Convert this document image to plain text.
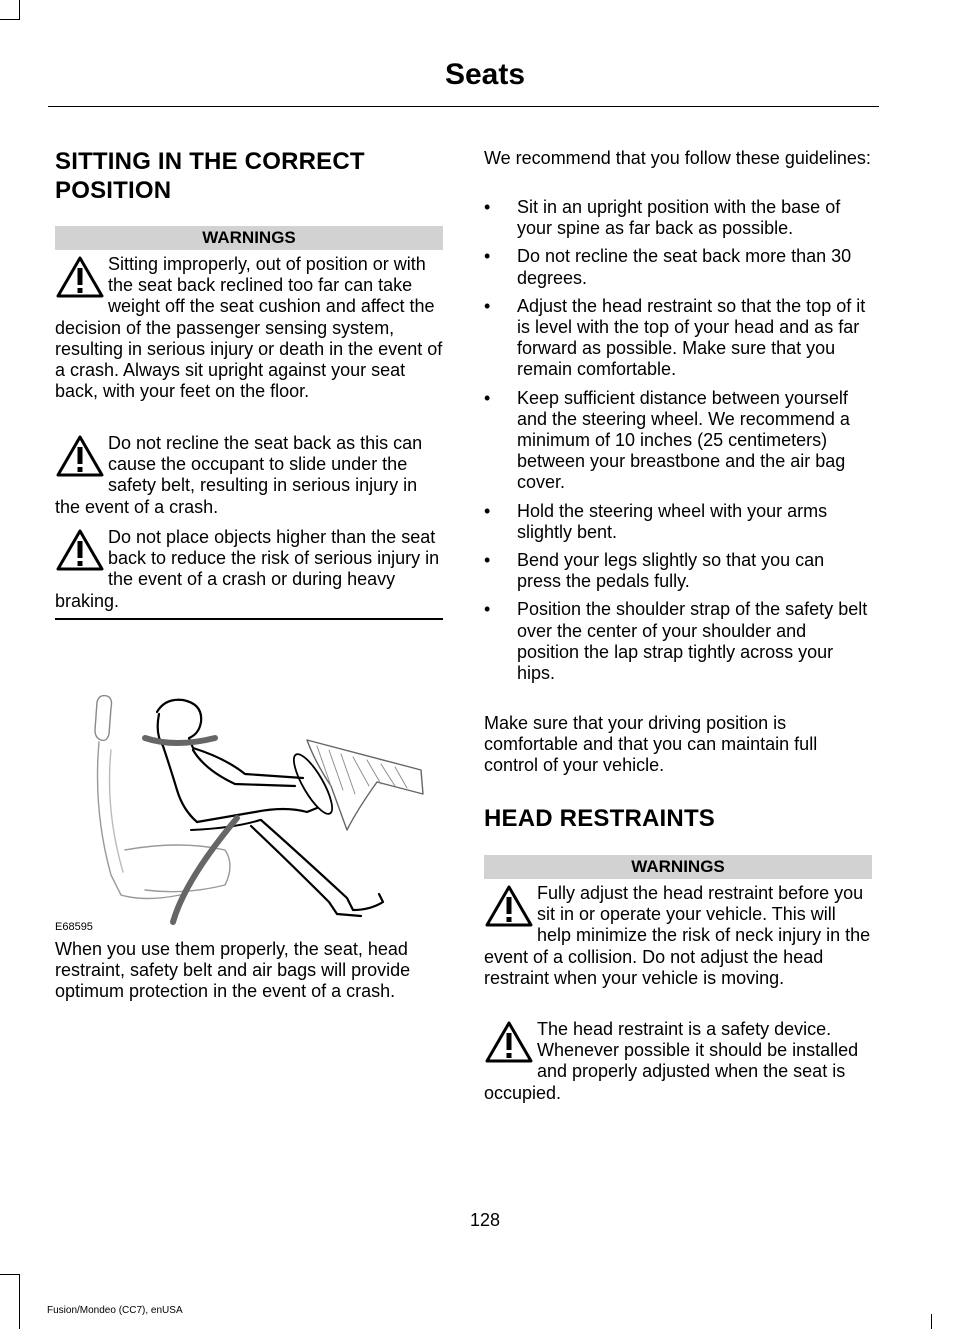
Seats
SITTING IN THE CORRECT POSITION
WARNINGS
Sitting improperly, out of position or with the seat back reclined too far can take weight off the seat cushion and affect the decision of the passenger sensing system, resulting in serious injury or death in the event of a crash. Always sit upright against your seat back, with your feet on the floor.
Do not recline the seat back as this can cause the occupant to slide under the safety belt, resulting in serious injury in the event of a crash.
Do not place objects higher than the seat back to reduce the risk of serious injury in the event of a crash or during heavy braking.
E68595
When you use them properly, the seat, head restraint, safety belt and air bags will provide optimum protection in the event of a crash.
We recommend that you follow these guidelines:
• Sit in an upright position with the base of your spine as far back as possible.
• Do not recline the seat back more than 30 degrees.
• Adjust the head restraint so that the top of it is level with the top of your head and as far forward as possible. Make sure that you remain comfortable.
• Keep sufficient distance between yourself and the steering wheel. We recommend a minimum of 10 inches (25 centimeters) between your breastbone and the air bag cover.
• Hold the steering wheel with your arms slightly bent.
• Bend your legs slightly so that you can press the pedals fully.
• Position the shoulder strap of the safety belt over the center of your shoulder and position the lap strap tightly across your hips.
Make sure that your driving position is comfortable and that you can maintain full control of your vehicle.
HEAD RESTRAINTS
WARNINGS
Fully adjust the head restraint before you sit in or operate your vehicle. This will help minimize the risk of neck injury in the event of a collision. Do not adjust the head restraint when your vehicle is moving.
The head restraint is a safety device. Whenever possible it should be installed and properly adjusted when the seat is occupied.
128
Fusion/Mondeo (CC7), enUSA
